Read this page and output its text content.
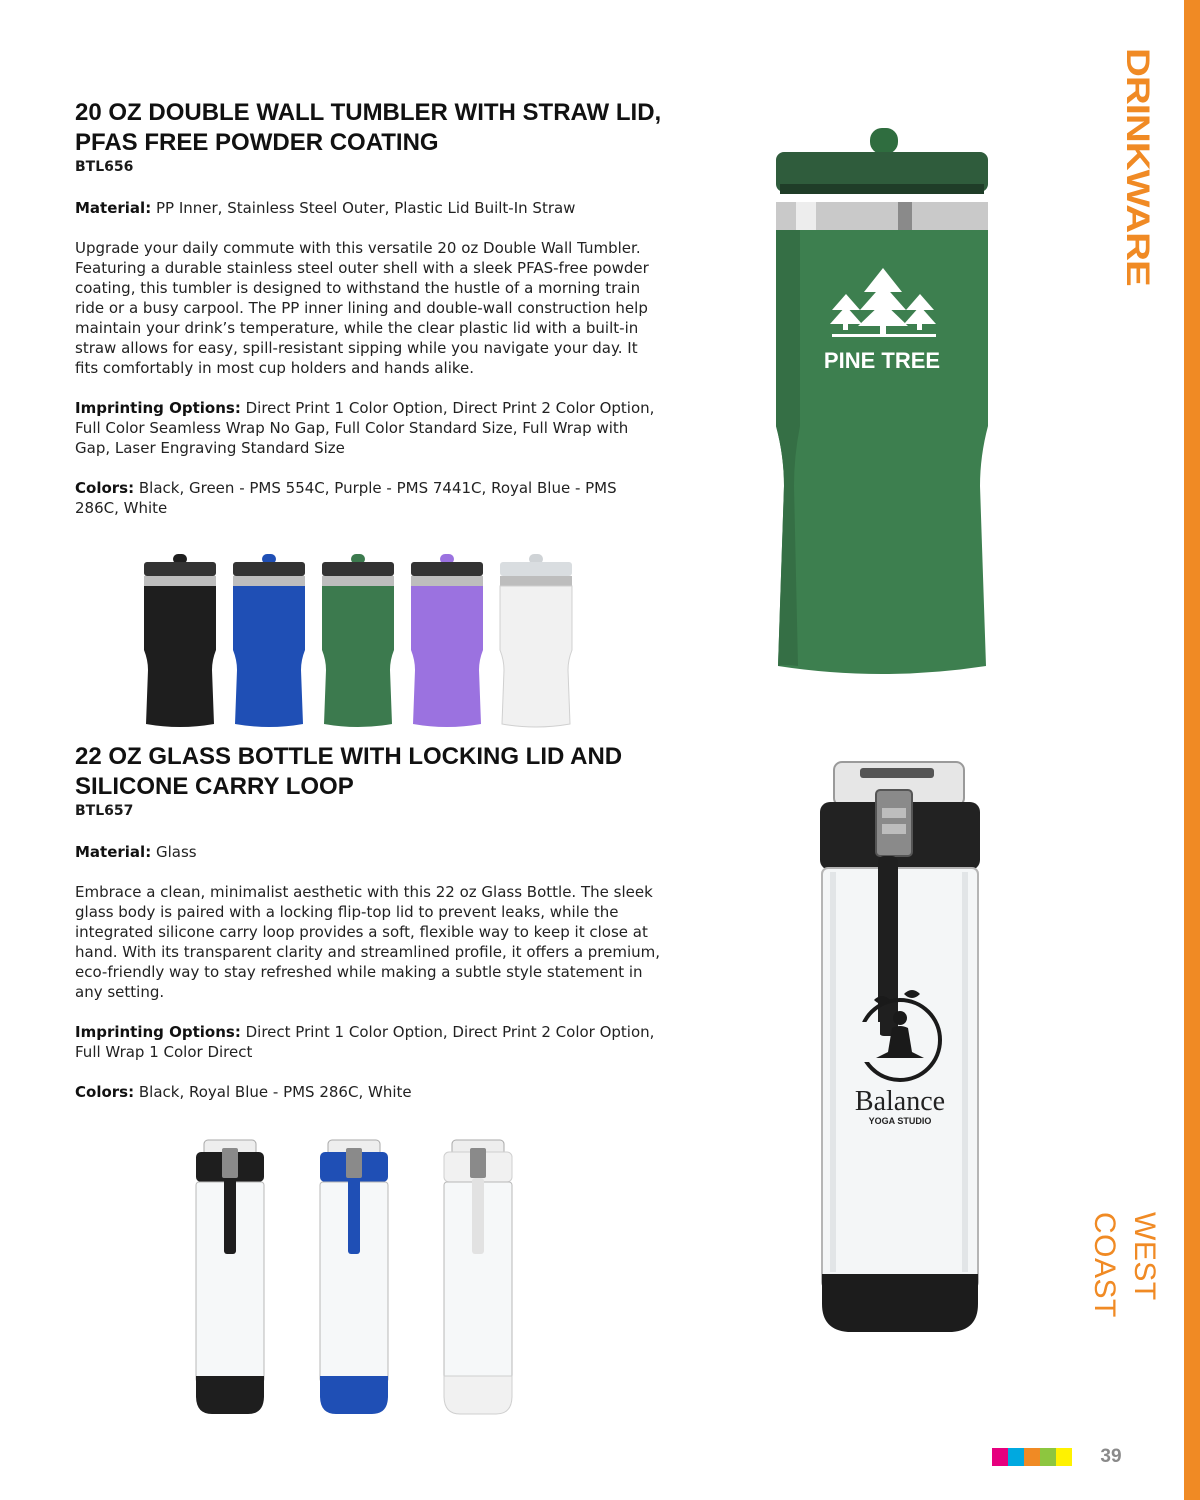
DRINKWARE
WEST COAST
39
20 OZ DOUBLE WALL TUMBLER WITH STRAW LID, PFAS FREE POWDER COATING

BTL656

Material: PP Inner, Stainless Steel Outer, Plastic Lid Built-In Straw

Upgrade your daily commute with this versatile 20 oz Double Wall Tumbler. Featuring a durable stainless steel outer shell with a sleek PFAS-free powder coating, this tumbler is designed to withstand the hustle of a morning train ride or a busy carpool. The PP inner lining and double-wall construction help maintain your drink’s temperature, while the clear plastic lid with a built-in straw allows for easy, spill-resistant sipping while you navigate your day. It fits comfortably in most cup holders and hands alike.

Imprinting Options: Direct Print 1 Color Option, Direct Print 2 Color Option, Full Color Seamless Wrap No Gap, Full Color Standard Size, Full Wrap with Gap, Laser Engraving Standard Size

Colors: Black, Green - PMS 554C, Purple - PMS 7441C, Royal Blue - PMS 286C, White

PINE TREE
22 OZ GLASS BOTTLE WITH LOCKING LID AND SILICONE CARRY LOOP

BTL657

Material: Glass

Embrace a clean, minimalist aesthetic with this 22 oz Glass Bottle. The sleek glass body is paired with a locking flip-top lid to prevent leaks, while the integrated silicone carry loop provides a soft, flexible way to keep it close at hand. With its transparent clarity and streamlined profile, it offers a premium, eco-friendly way to stay refreshed while making a subtle style statement in any setting.

Imprinting Options: Direct Print 1 Color Option, Direct Print 2 Color Option, Full Wrap 1 Color Direct

Colors: Black, Royal Blue - PMS 286C, White	Balance
YOGA STUDIO
